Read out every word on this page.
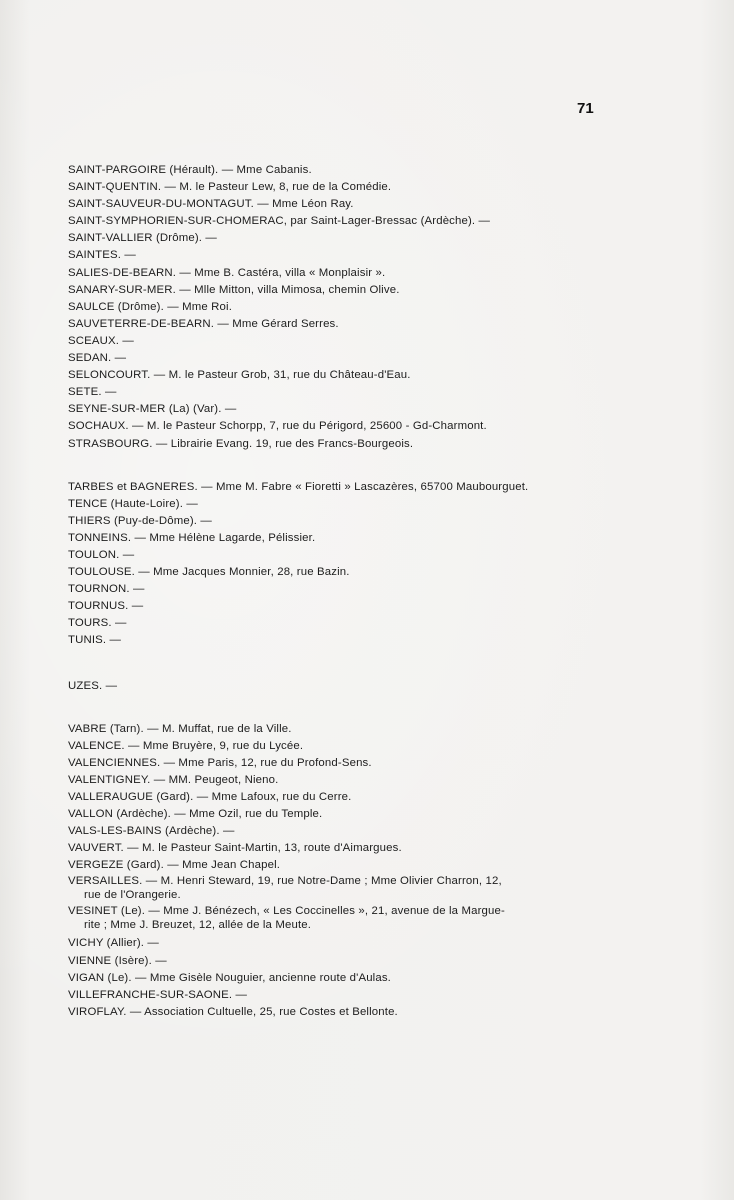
71
SAINT-PARGOIRE (Hérault). — Mme Cabanis.
SAINT-QUENTIN. — M. le Pasteur Lew, 8, rue de la Comédie.
SAINT-SAUVEUR-DU-MONTAGUT. — Mme Léon Ray.
SAINT-SYMPHORIEN-SUR-CHOMERAC, par Saint-Lager-Bressac (Ardèche). —
SAINT-VALLIER (Drôme). —
SAINTES. —
SALIES-DE-BEARN. — Mme B. Castéra, villa « Monplaisir ».
SANARY-SUR-MER. — Mlle Mitton, villa Mimosa, chemin Olive.
SAULCE (Drôme). — Mme Roi.
SAUVETERRE-DE-BEARN. — Mme Gérard Serres.
SCEAUX. —
SEDAN. —
SELONCOURT. — M. le Pasteur Grob, 31, rue du Château-d'Eau.
SETE. —
SEYNE-SUR-MER (La) (Var). —
SOCHAUX. — M. le Pasteur Schorpp, 7, rue du Périgord, 25600 - Gd-Charmont.
STRASBOURG. — Librairie Evang. 19, rue des Francs-Bourgeois.
TARBES et BAGNERES. — Mme M. Fabre « Fioretti » Lascazères, 65700 Maubourguet.
TENCE (Haute-Loire). —
THIERS (Puy-de-Dôme). —
TONNEINS. — Mme Hélène Lagarde, Pélissier.
TOULON. —
TOULOUSE. — Mme Jacques Monnier, 28, rue Bazin.
TOURNON. —
TOURNUS. —
TOURS. —
TUNIS. —
UZES. —
VABRE (Tarn). — M. Muffat, rue de la Ville.
VALENCE. — Mme Bruyère, 9, rue du Lycée.
VALENCIENNES. — Mme Paris, 12, rue du Profond-Sens.
VALENTIGNEY. — MM. Peugeot, Nieno.
VALLERAUGUE (Gard). — Mme Lafoux, rue du Cerre.
VALLON (Ardèche). — Mme Ozil, rue du Temple.
VALS-LES-BAINS (Ardèche). —
VAUVERT. — M. le Pasteur Saint-Martin, 13, route d'Aimargues.
VERGEZE (Gard). — Mme Jean Chapel.
VERSAILLES. — M. Henri Steward, 19, rue Notre-Dame ; Mme Olivier Charron, 12,
rue de l'Orangerie.
VESINET (Le). — Mme J. Bénézech, « Les Coccinelles », 21, avenue de la Margue-
rite ; Mme J. Breuzet, 12, allée de la Meute.
VICHY (Allier). —
VIENNE (Isère). —
VIGAN (Le). — Mme Gisèle Nouguier, ancienne route d'Aulas.
VILLEFRANCHE-SUR-SAONE. —
VIROFLAY. — Association Cultuelle, 25, rue Costes et Bellonte.
